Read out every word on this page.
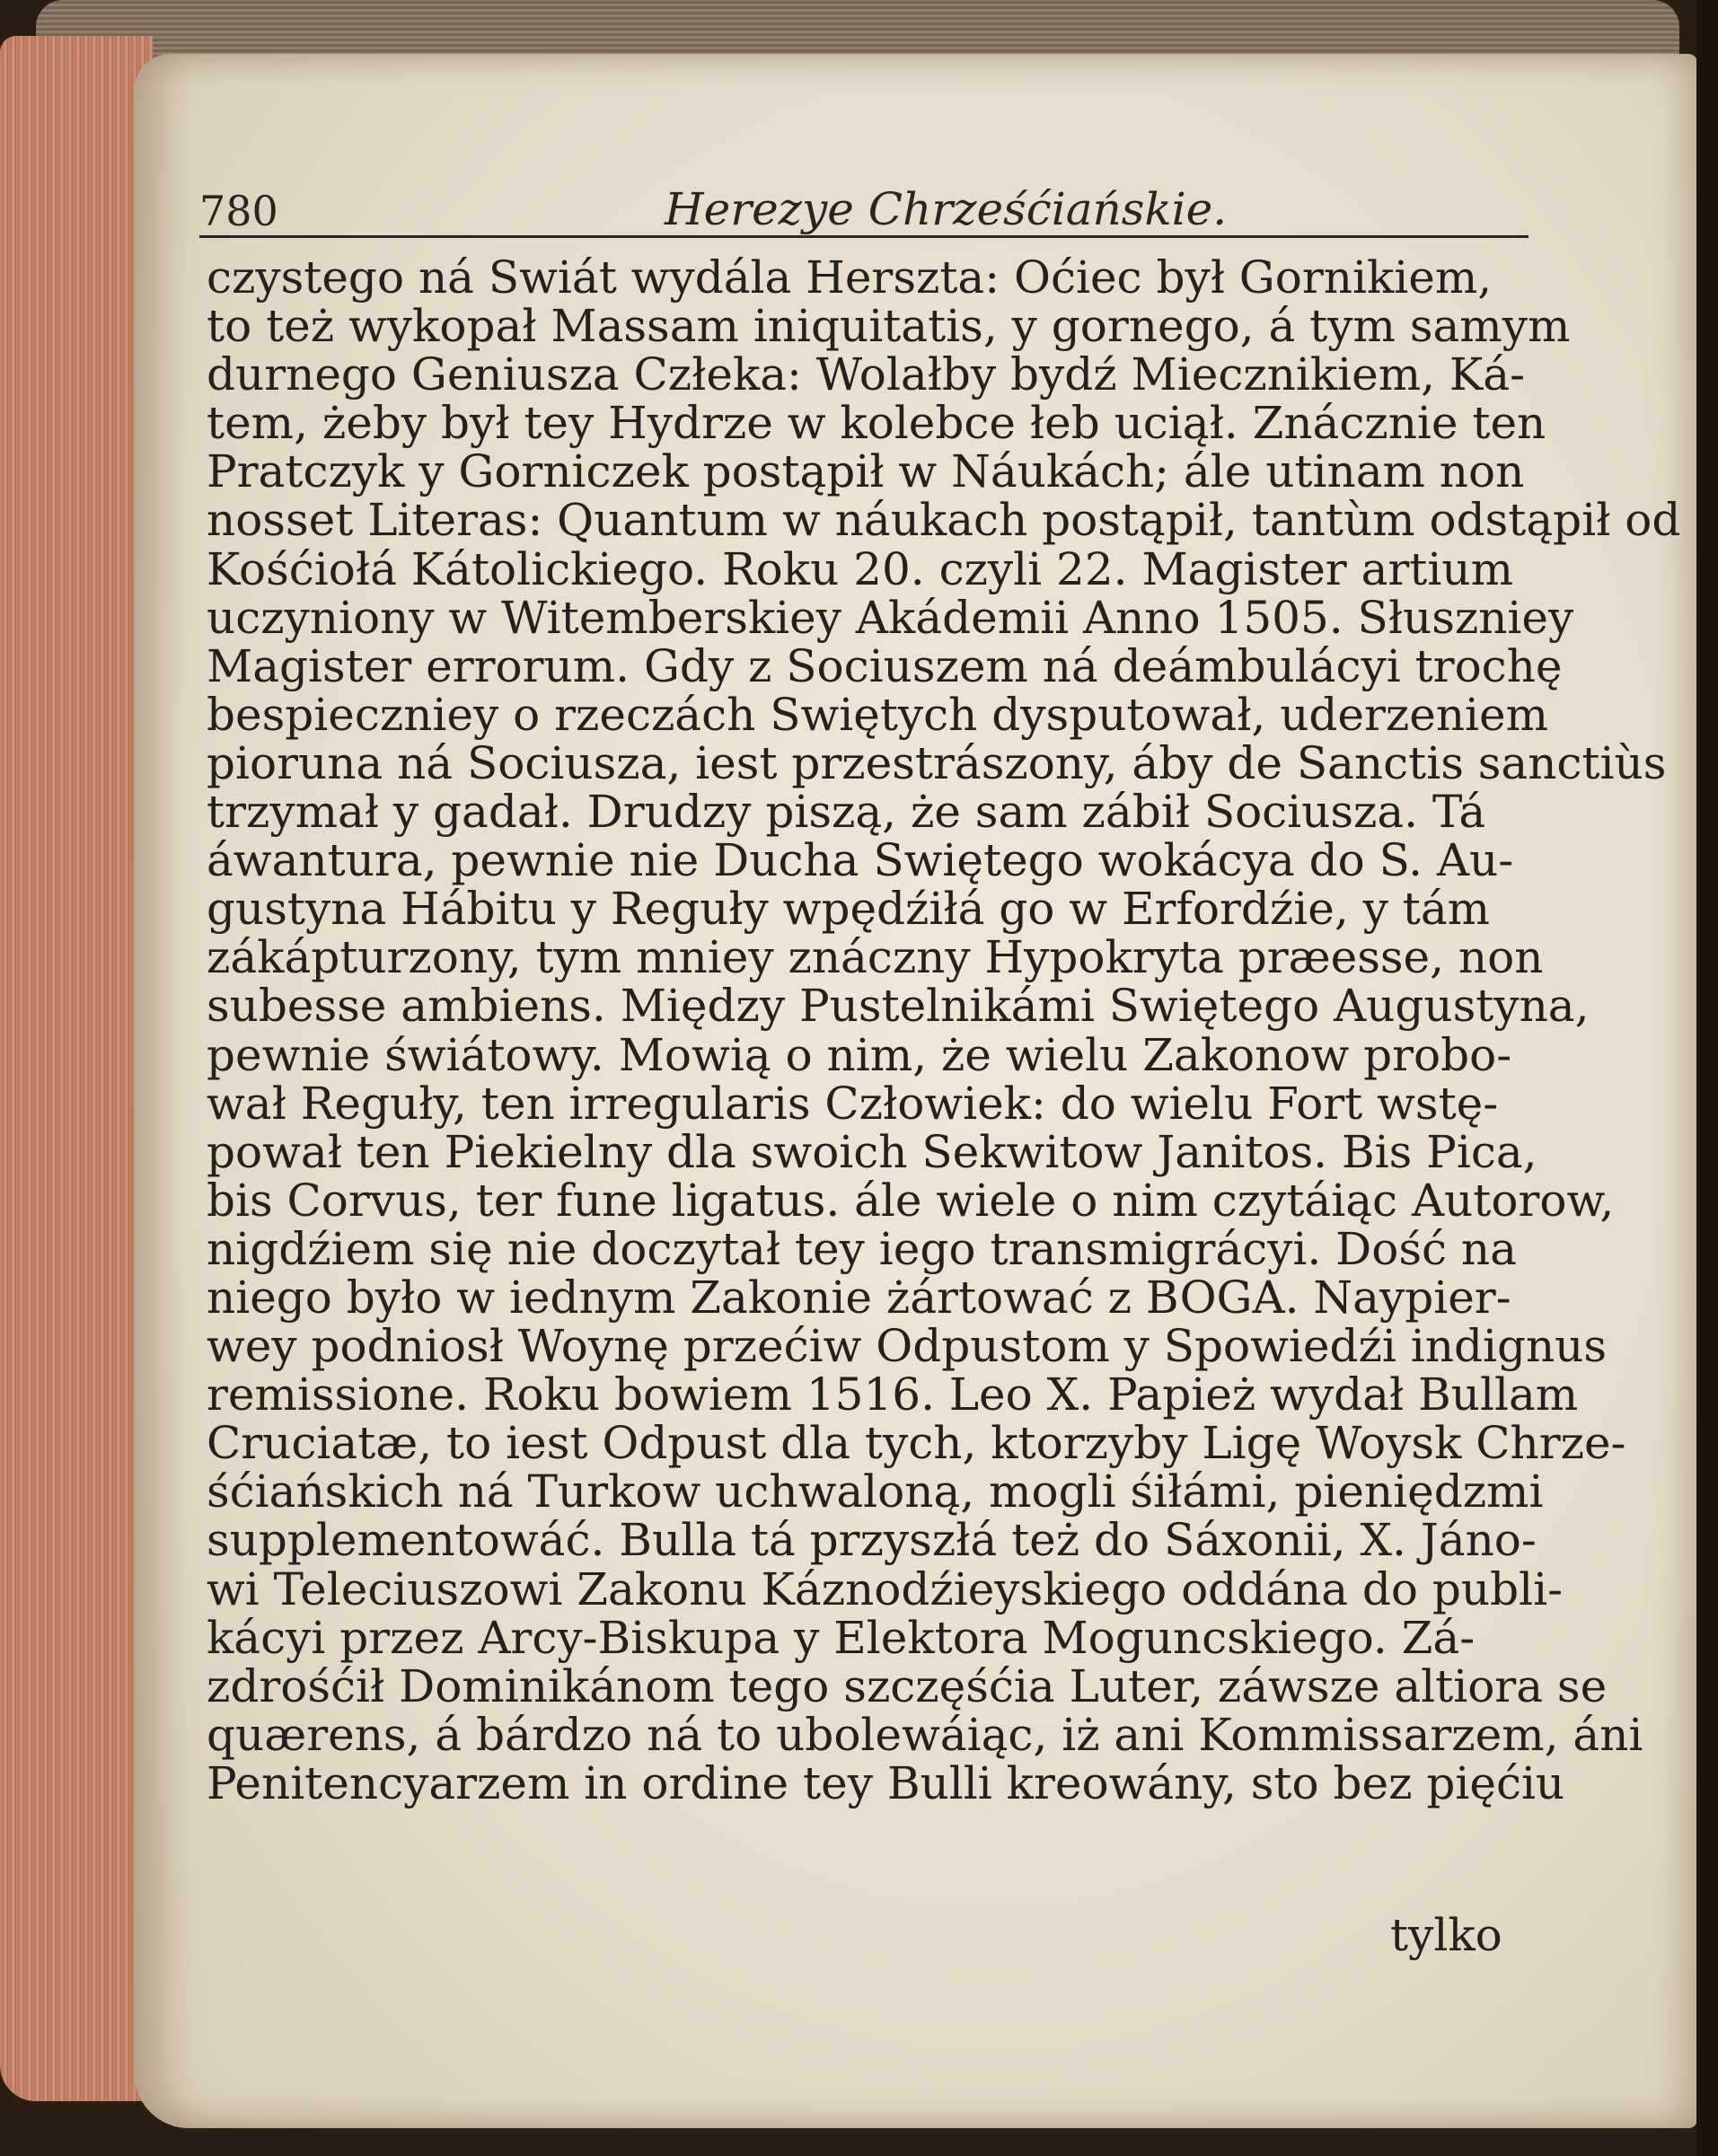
780	Herezye Chrześćiańskie.
czystego ná Swiát wydála Herszta: Oćiec był Gornikiem,
to też wykopał Massam iniquitatis, y gornego, á tym samym
durnego Geniusza Człeka: Wolałby bydź Miecznikiem, Ká-
tem, żeby był tey Hydrze w kolebce łeb uciął. Znácznie ten
Pratczyk y Gorniczek postąpił w Náukách; ále utinam non
nosset Literas: Quantum w náukach postąpił, tantùm odstąpił od
Kośćiołá Kátolickiego. Roku 20. czyli 22. Magister artium
uczyniony w Witemberskiey Akádemii Anno 1505. Słuszniey
Magister errorum. Gdy z Sociuszem ná deámbulácyi trochę
bespieczniey o rzeczách Swiętych dysputował, uderzeniem
pioruna ná Sociusza, iest przestrászony, áby de Sanctis sanctiùs
trzymał y gadał. Drudzy piszą, że sam zábił Sociusza. Tá
áwantura, pewnie nie Ducha Swiętego wokácya do S. Au-
gustyna Hábitu y Reguły wpędźiłá go w Erfordźie, y tám
zákápturzony, tym mniey znáczny Hypokryta præesse, non
subesse ambiens. Między Pustelnikámi Swiętego Augustyna,
pewnie świátowy. Mowią o nim, że wielu Zakonow probo-
wał Reguły, ten irregularis Człowiek: do wielu Fort wstę-
pował ten Piekielny dla swoich Sekwitow Janitos. Bis Pica,
bis Corvus, ter fune ligatus. ále wiele o nim czytáiąc Autorow,
nigdźiem się nie doczytał tey iego transmigrácyi. Dość na
niego było w iednym Zakonie żártować z BOGA. Naypier-
wey podniosł Woynę przećiw Odpustom y Spowiedźi indignus
remissione. Roku bowiem 1516. Leo X. Papież wydał Bullam
Cruciatæ, to iest Odpust dla tych, ktorzyby Ligę Woysk Chrze-
śćiańskich ná Turkow uchwaloną, mogli śiłámi, pieniędzmi
supplementowáć. Bulla tá przyszłá też do Sáxonii, X. Jáno-
wi Teleciuszowi Zakonu Káznodźieyskiego oddána do publi-
kácyi przez Arcy-Biskupa y Elektora Moguncskiego. Zá-
zdrośćił Dominikánom tego szczęśćia Luter, záwsze altiora se
quærens, á bárdzo ná to ubolewáiąc, iż ani Kommissarzem, áni
Penitencyarzem in ordine tey Bulli kreowány, sto bez pięćiu
tylko
